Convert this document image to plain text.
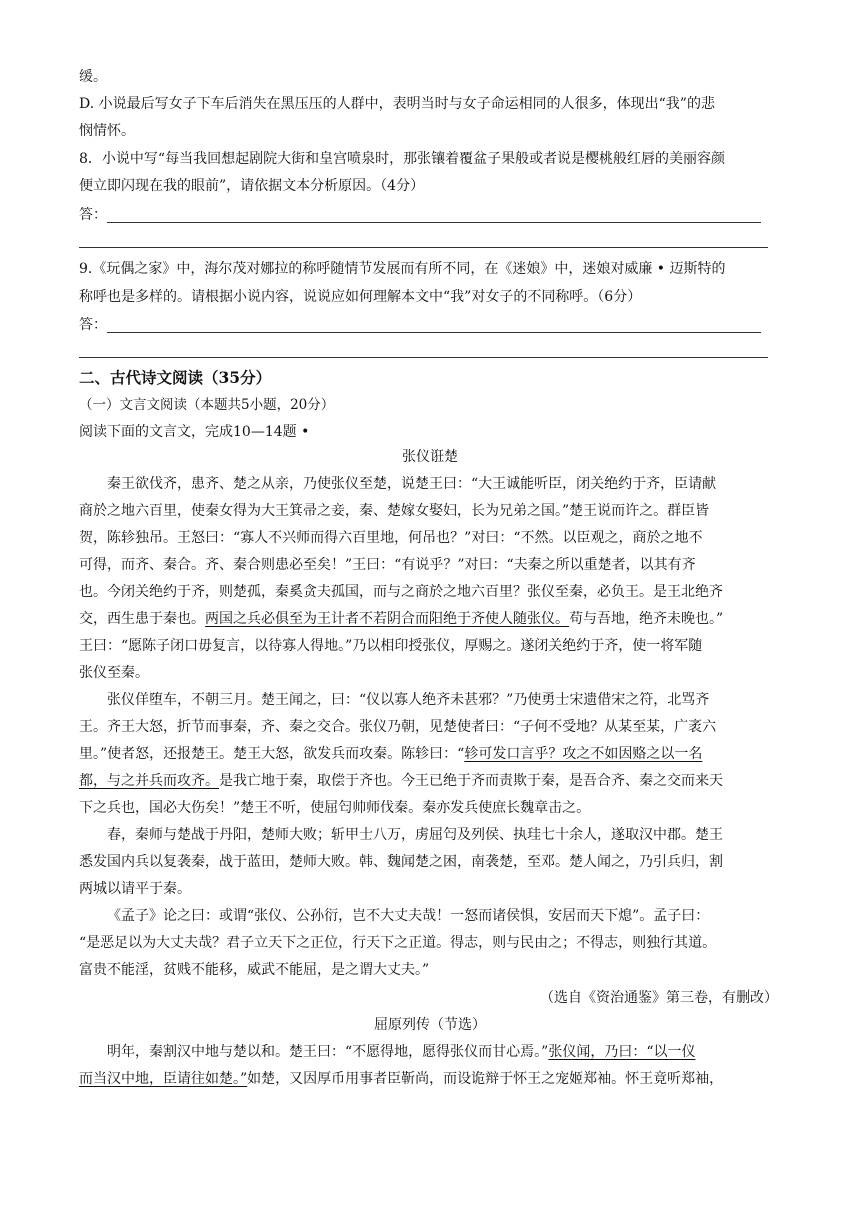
缓。
D. 小说最后写女子下车后消失在黑压压的人群中，表明当时与女子命运相同的人很多，体现出“我”的悲
悯情怀。
8．小说中写“每当我回想起剧院大街和皇宫喷泉时，那张镶着覆盆子果般或者说是樱桃般红唇的美丽容颜
便立即闪现在我的眼前”，请依据文本分析原因。（4分）
答：
9.《玩偶之家》中，海尔茂对娜拉的称呼随情节发展而有所不同，在《迷娘》中，迷娘对威廉 • 迈斯特的
称呼也是多样的。请根据小说内容，说说应如何理解本文中“我”对女子的不同称呼。（6分）
答：
二、古代诗文阅读（35分）
（一）文言文阅读（本题共5小题，20分）
阅读下面的文言文，完成10—14题 •
张仪诳楚
秦王欲伐齐，患齐、楚之从亲，乃使张仪至楚，说楚王曰：“大王诚能听臣，闭关绝约于齐，臣请献
商於之地六百里，使秦女得为大王箕帚之妾，秦、楚嫁女娶妇，长为兄弟之国。”楚王说而许之。群臣皆
贺，陈轸独吊。王怒曰：“寡人不兴师而得六百里地，何吊也？”对曰：“不然。以臣观之，商於之地不
可得，而齐、秦合。齐、秦合则患必至矣！”王曰：“有说乎？”对曰：“夫秦之所以重楚者，以其有齐
也。今闭关绝约于齐，则楚孤，秦奚贪夫孤国，而与之商於之地六百里？张仪至秦，必负王。是王北绝齐
交，西生患于秦也。两国之兵必俱至为王计者不若阴合而阳绝于齐使人随张仪。苟与吾地，绝齐未晚也。”
王曰：“愿陈子闭口毋复言，以待寡人得地。”乃以相印授张仪，厚赐之。遂闭关绝约于齐，使一将军随
张仪至秦。
张仪佯堕车，不朝三月。楚王闻之，曰：“仪以寡人绝齐未甚邪？”乃使勇士宋遗借宋之符，北骂齐
王。齐王大怒，折节而事秦，齐、秦之交合。张仪乃朝，见楚使者曰：“子何不受地？从某至某，广袤六
里。”使者怒，还报楚王。楚王大怒，欲发兵而攻秦。陈轸曰：“轸可发口言乎？攻之不如因赂之以一名
都，与之并兵而攻齐。是我亡地于秦，取偿于齐也。今王已绝于齐而责欺于秦，是吾合齐、秦之交而来天
下之兵也，国必大伤矣！”楚王不听，使屈匄帅师伐秦。秦亦发兵使庶长魏章击之。
春，秦师与楚战于丹阳，楚师大败；斩甲士八万，虏屈匄及列侯、执珪七十余人，遂取汉中郡。楚王
悉发国内兵以复袭秦，战于蓝田，楚师大败。韩、魏闻楚之困，南袭楚，至邓。楚人闻之，乃引兵归，割
两城以请平于秦。
《孟子》论之曰：或谓“张仪、公孙衍，岂不大丈夫哉！一怒而诸侯惧，安居而天下熄”。孟子曰：
“是恶足以为大丈夫哉？君子立天下之正位，行天下之正道。得志，则与民由之；不得志，则独行其道。
富贵不能淫，贫贱不能移，威武不能屈，是之谓大丈夫。”
（选自《资治通鉴》第三卷，有删改）
屈原列传（节选）
明年，秦割汉中地与楚以和。楚王曰：“不愿得地，愿得张仪而甘心焉。”张仪闻，乃曰：“以一仪
而当汉中地，臣请往如楚。”如楚，又因厚币用事者臣靳尚，而设诡辩于怀王之宠姬郑袖。怀王竟听郑袖，
